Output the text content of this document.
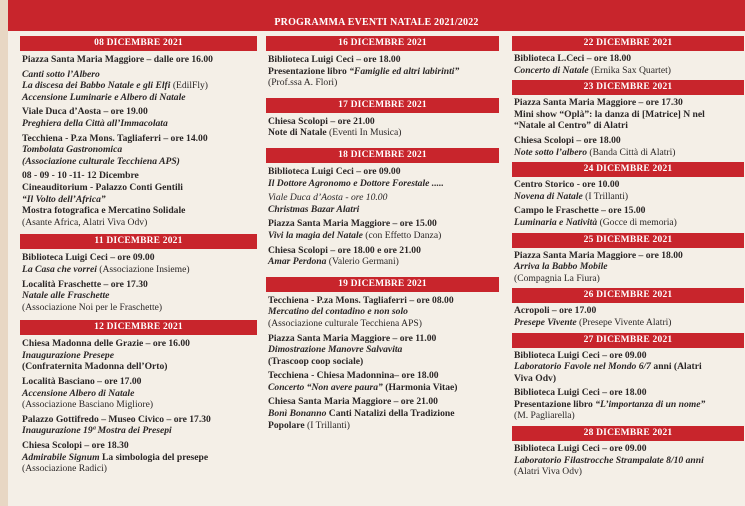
PROGRAMMA EVENTI NATALE 2021/2022
08 DICEMBRE 2021
Piazza Santa Maria Maggiore – dalle ore 16.00
Canti sotto l’Albero
La discesa dei Babbo Natale e gli Elfi (EdilFly)
Accensione Luminarie e Albero di Natale
Viale Duca d’Aosta – ore 19.00
Preghiera della Città all’Immacolata
Tecchiena - P.za Mons. Tagliaferri – ore 14.00
Tombolata Gastronomica
(Associazione culturale Tecchiena APS)
08 - 09 - 10 -11- 12 Dicembre
Cineauditorium - Palazzo Conti Gentili
“Il Volto dell’Africa”
Mostra fotografica e Mercatino Solidale
(Asante Africa, Alatri Viva Odv)
11 DICEMBRE 2021
Biblioteca Luigi Ceci – ore 09.00
La Casa che vorrei (Associazione Insieme)
Località Fraschette – ore 17.30
Natale alle Fraschette
(Associazione Noi per le Fraschette)
12 DICEMBRE 2021
Chiesa Madonna delle Grazie – ore 16.00
Inaugurazione Presepe
(Confraternita Madonna dell’Orto)
Località Basciano – ore 17.00
Accensione Albero di Natale
(Associazione Basciano Migliore)
Palazzo Gottifredo – Museo Civico – ore 17.30
Inaugurazione 19ª Mostra dei Presepi
Chiesa Scolopi – ore 18.30
Admirabile Signum La simbologia del presepe
(Associazione Radici)
16 DICEMBRE 2021
Biblioteca Luigi Ceci – ore 18.00
Presentazione libro “Famiglie ed altri labirinti”
(Prof.ssa A. Flori)
17 DICEMBRE 2021
Chiesa Scolopi – ore 21.00
Note di Natale (Eventi In Musica)
18 DICEMBRE 2021
Biblioteca Luigi Ceci – ore 09.00
Il Dottore Agronomo e Dottore Forestale .....
Viale Duca d’Aosta - ore 10.00
Christmas Bazar Alatri
Piazza Santa Maria Maggiore – ore 15.00
Vivi la magia del Natale (con Effetto Danza)
Chiesa Scolopi – ore 18.00 e ore 21.00
Amar Perdona (Valerio Germani)
19 DICEMBRE 2021
Tecchiena - P.za Mons. Tagliaferri – ore 08.00
Mercatino del contadino e non solo
(Associazione culturale Tecchiena APS)
Piazza Santa Maria Maggiore – ore 11.00
Dimostrazione Manovre Salvavita
(Trascoop coop sociale)
Tecchiena - Chiesa Madonnina– ore 18.00
Concerto “Non avere paura” (Harmonia Vitae)
Chiesa Santa Maria Maggiore – ore 21.00
Bonì Bonanno Canti Natalizi della Tradizione
Popolare (I Trillanti)
22 DICEMBRE 2021
Biblioteca L.Ceci – ore 18.00
Concerto di Natale (Ernika Sax Quartet)
23 DICEMBRE 2021
Piazza Santa Maria Maggiore – ore 17.30
Mini show “Oplà”: la danza di [Matrice] N nel
“Natale al Centro” di Alatri
Chiesa Scolopi – ore 18.00
Note sotto l’albero (Banda Città di Alatri)
24 DICEMBRE 2021
Centro Storico - ore 10.00
Novena di Natale (I Trillanti)
Campo le Fraschette – ore 15.00
Luminaria e Natività (Gocce di memoria)
25 DICEMBRE 2021
Piazza Santa Maria Maggiore – ore 18.00
Arriva la Babbo Mobile
(Compagnia La Fiura)
26 DICEMBRE 2021
Acropoli – ore 17.00
Presepe Vivente (Presepe Vivente Alatri)
27 DICEMBRE 2021
Biblioteca Luigi Ceci – ore 09.00
Laboratorio Favole nel Mondo 6/7 anni (Alatri
Viva Odv)
Biblioteca Luigi Ceci – ore 18.00
Presentazione libro “L’importanza di un nome”
(M. Pagliarella)
28 DICEMBRE 2021
Biblioteca Luigi Ceci – ore 09.00
Laboratorio Filastrocche Strampalate 8/10 anni
(Alatri Viva Odv)
